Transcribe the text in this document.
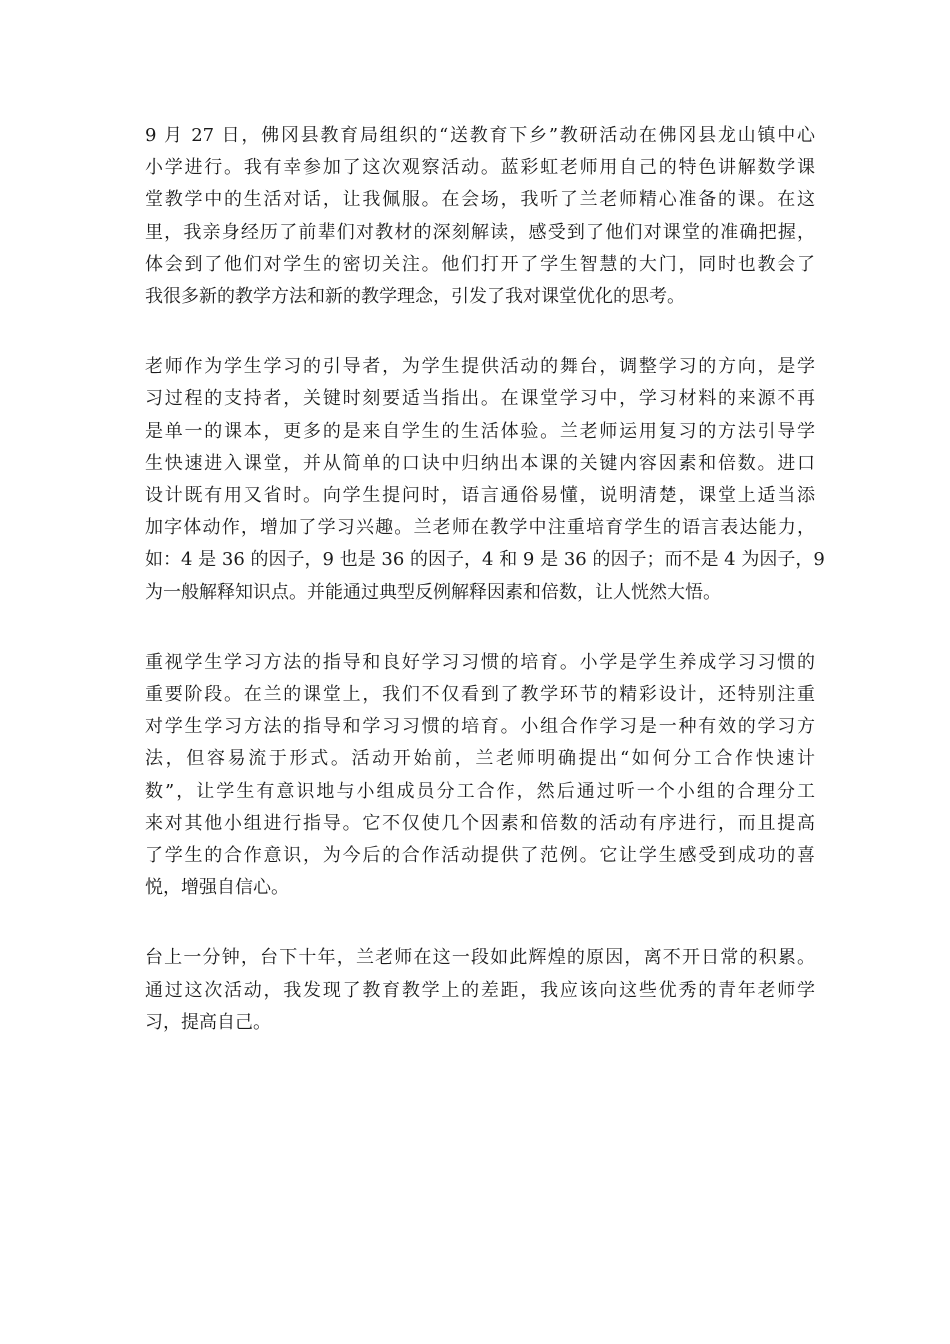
9 月 27 日，佛冈县教育局组织的“送教育下乡”教研活动在佛冈县龙山镇中心
小学进行。我有幸参加了这次观察活动。蓝彩虹老师用自己的特色讲解数学课
堂教学中的生活对话，让我佩服。在会场，我听了兰老师精心准备的课。在这
里，我亲身经历了前辈们对教材的深刻解读，感受到了他们对课堂的准确把握，
体会到了他们对学生的密切关注。他们打开了学生智慧的大门，同时也教会了
我很多新的教学方法和新的教学理念，引发了我对课堂优化的思考。

老师作为学生学习的引导者，为学生提供活动的舞台，调整学习的方向，是学
习过程的支持者，关键时刻要适当指出。在课堂学习中，学习材料的来源不再
是单一的课本，更多的是来自学生的生活体验。兰老师运用复习的方法引导学
生快速进入课堂，并从简单的口诀中归纳出本课的关键内容因素和倍数。进口
设计既有用又省时。向学生提问时，语言通俗易懂，说明清楚，课堂上适当添
加字体动作，增加了学习兴趣。兰老师在教学中注重培育学生的语言表达能力，
如：4 是 36 的因子，9 也是 36 的因子，4 和 9 是 36 的因子；而不是 4 为因子，9
为一般解释知识点。并能通过典型反例解释因素和倍数，让人恍然大悟。

重视学生学习方法的指导和良好学习习惯的培育。小学是学生养成学习习惯的
重要阶段。在兰的课堂上，我们不仅看到了教学环节的精彩设计，还特别注重
对学生学习方法的指导和学习习惯的培育。小组合作学习是一种有效的学习方
法，但容易流于形式。活动开始前，兰老师明确提出“如何分工合作快速计
数”，让学生有意识地与小组成员分工合作，然后通过听一个小组的合理分工
来对其他小组进行指导。它不仅使几个因素和倍数的活动有序进行，而且提高
了学生的合作意识，为今后的合作活动提供了范例。它让学生感受到成功的喜
悦，增强自信心。

台上一分钟，台下十年，兰老师在这一段如此辉煌的原因，离不开日常的积累。
通过这次活动，我发现了教育教学上的差距，我应该向这些优秀的青年老师学
习，提高自己。
